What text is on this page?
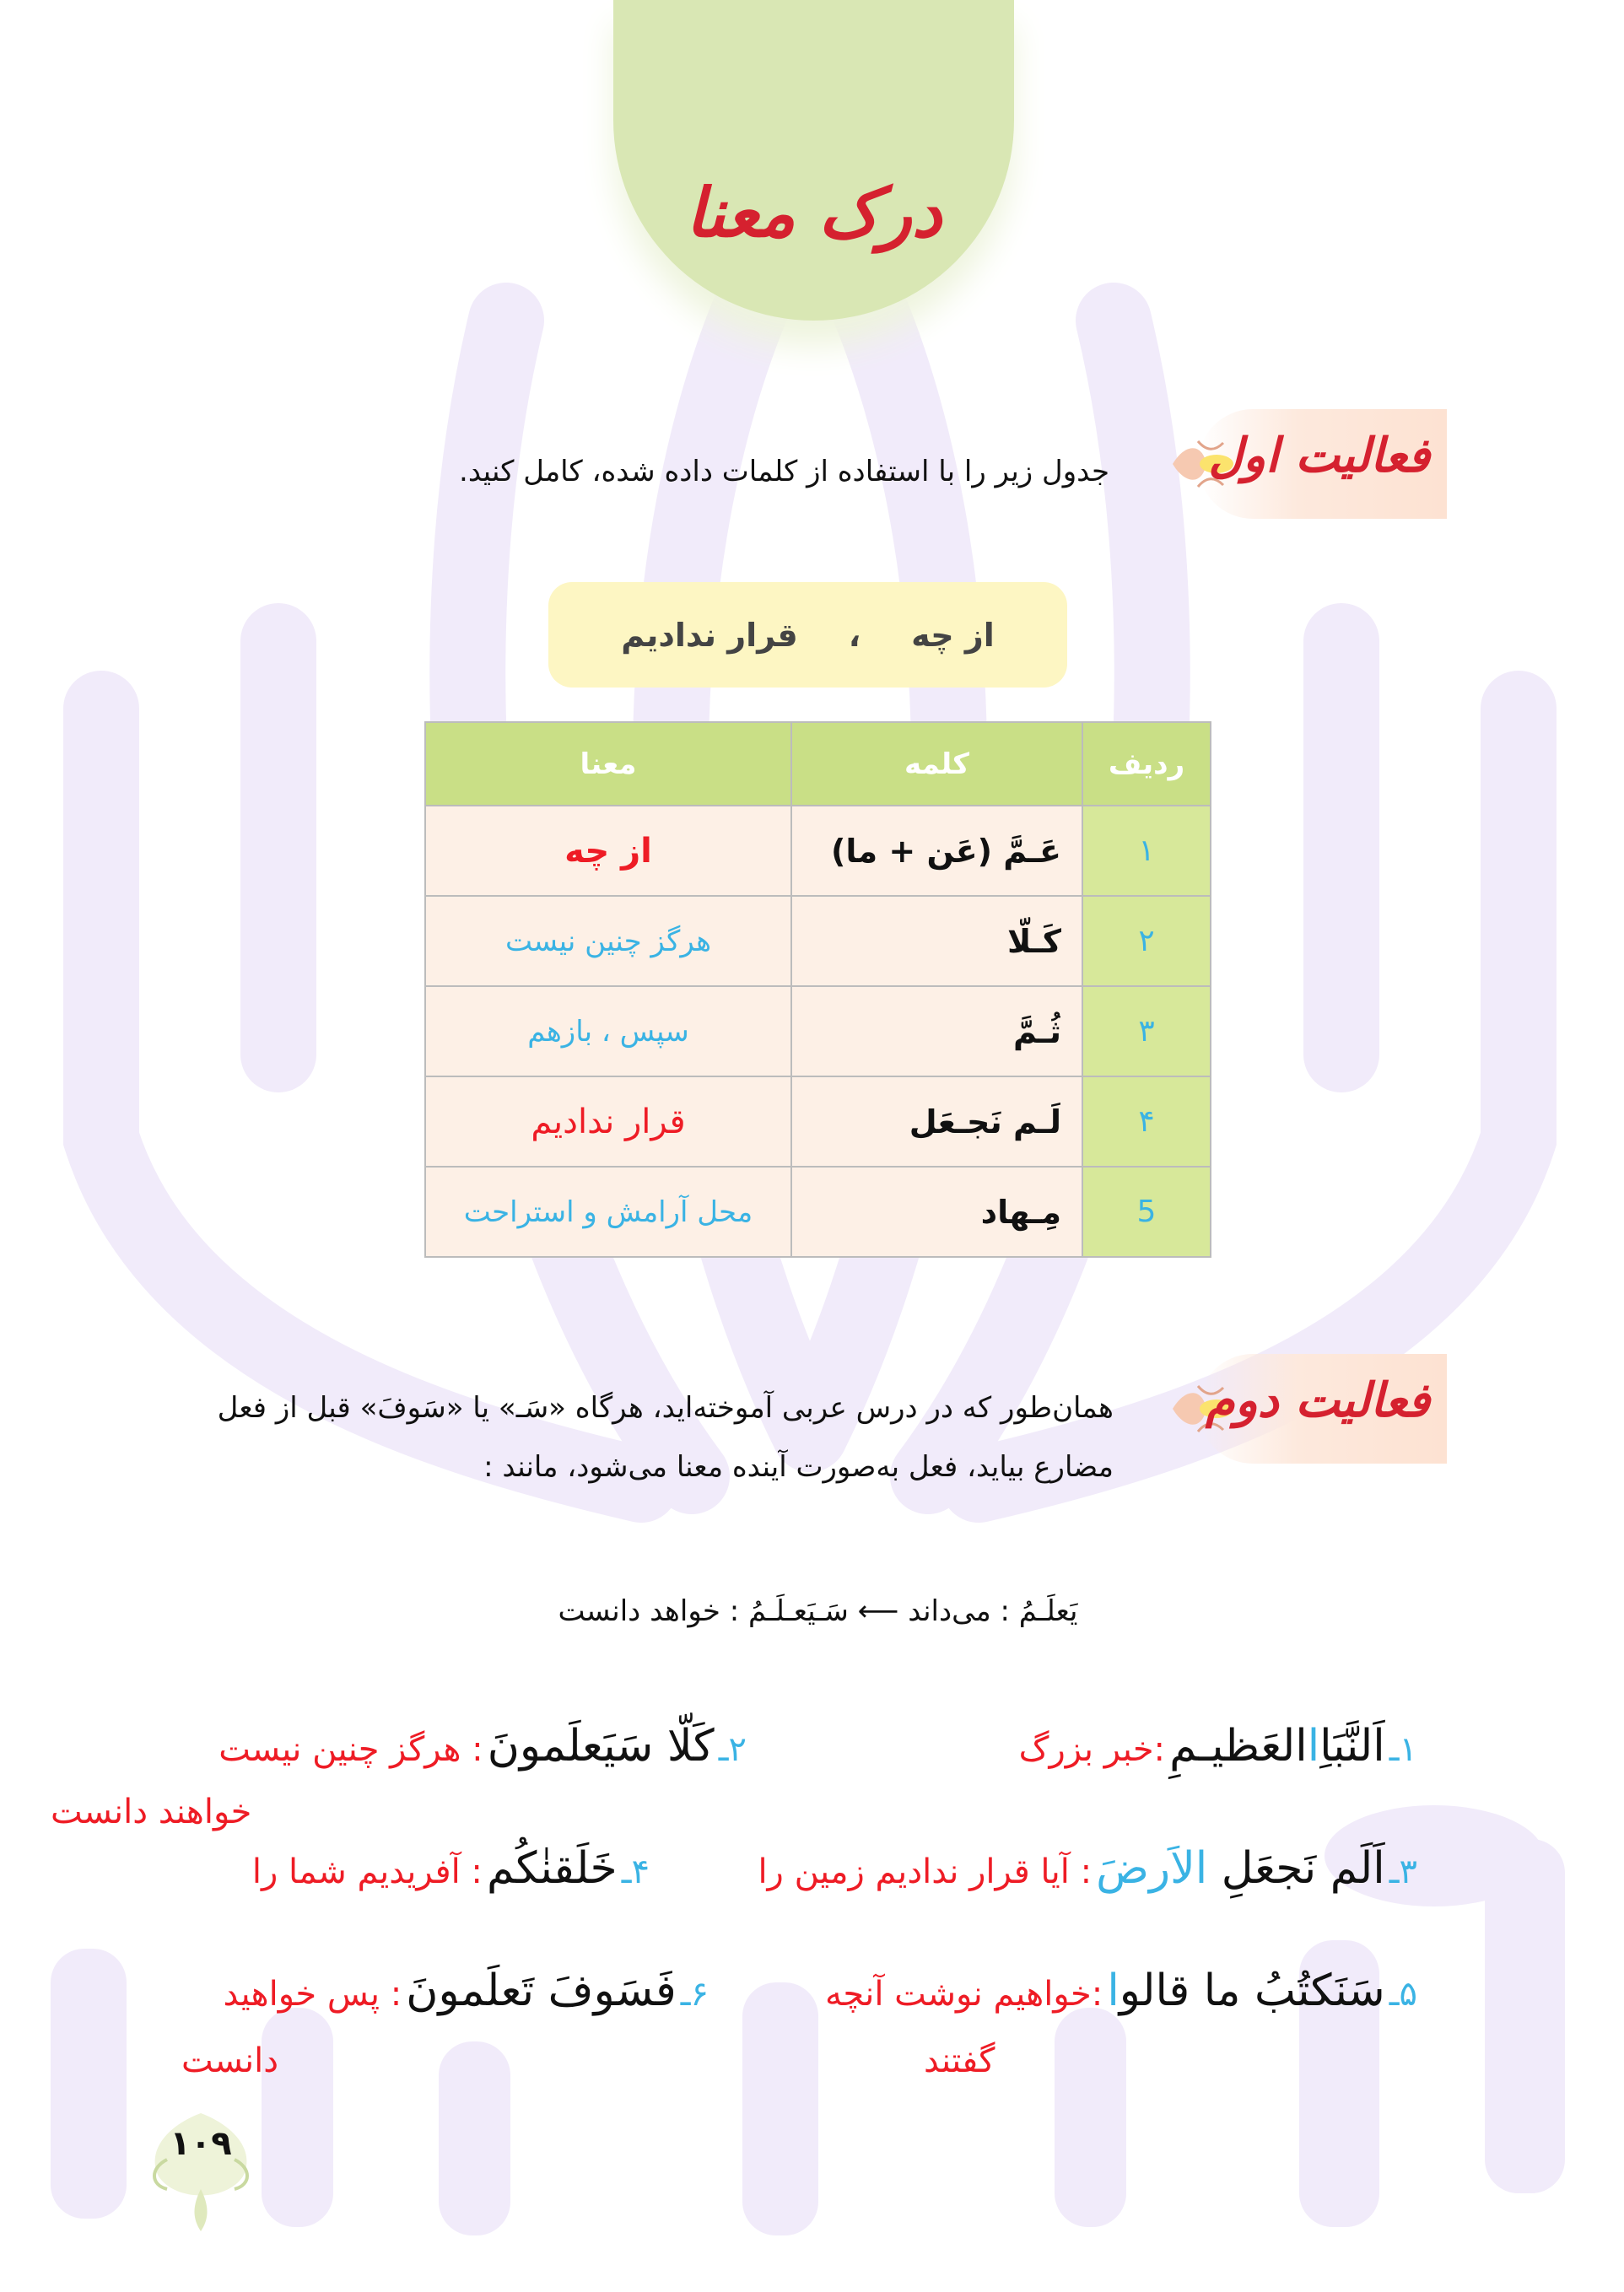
درک معنا
فعالیت اول
جدول زیر را با استفاده از کلمات داده شده، کامل کنید.
از چه
،
قرار ندادیم
ردیف	کلمه	معنا
۱	عَـمَّ (عَن + ما)	از چه
۲	کَـلّا	هرگز چنین نیست
۳	ثُـمَّ	سپس ، بازهم
۴	لَـم نَجـعَل	قرار ندادیم
5	مِـهاد	محل آرامش و استراحت
فعالیت دوم
همان‌طور که در درس عربی آموخته‌اید، هرگاه «سَـ» یا «سَوفَ» قبل از فعل
مضارع بیاید، فعل به‌صورت آینده معنا می‌شود، مانند :
یَعلَـمُ : می‌داند ⟵ سَـیَعـلَـمُ : خواهد دانست
۱ـ اَلنَّبَاِاالعَظیـمِ :خبر بزرگ
۲ـ کَلّا سَیَعلَمونَ : هرگز چنین نیست
خواهند دانست
۳ـ اَلَم نَجعَلِ الاَرضَ : آیا قرار ندادیم زمین را
۴ـ خَلَقنٰکُم : آفریدیم شما را
۵ـ سَنَکتُبُ ما قالوا :خواهیم نوشت آنچه
گفتند
۶ـ فَسَوفَ تَعلَمونَ : پس خواهید
دانست
۱۰۹
